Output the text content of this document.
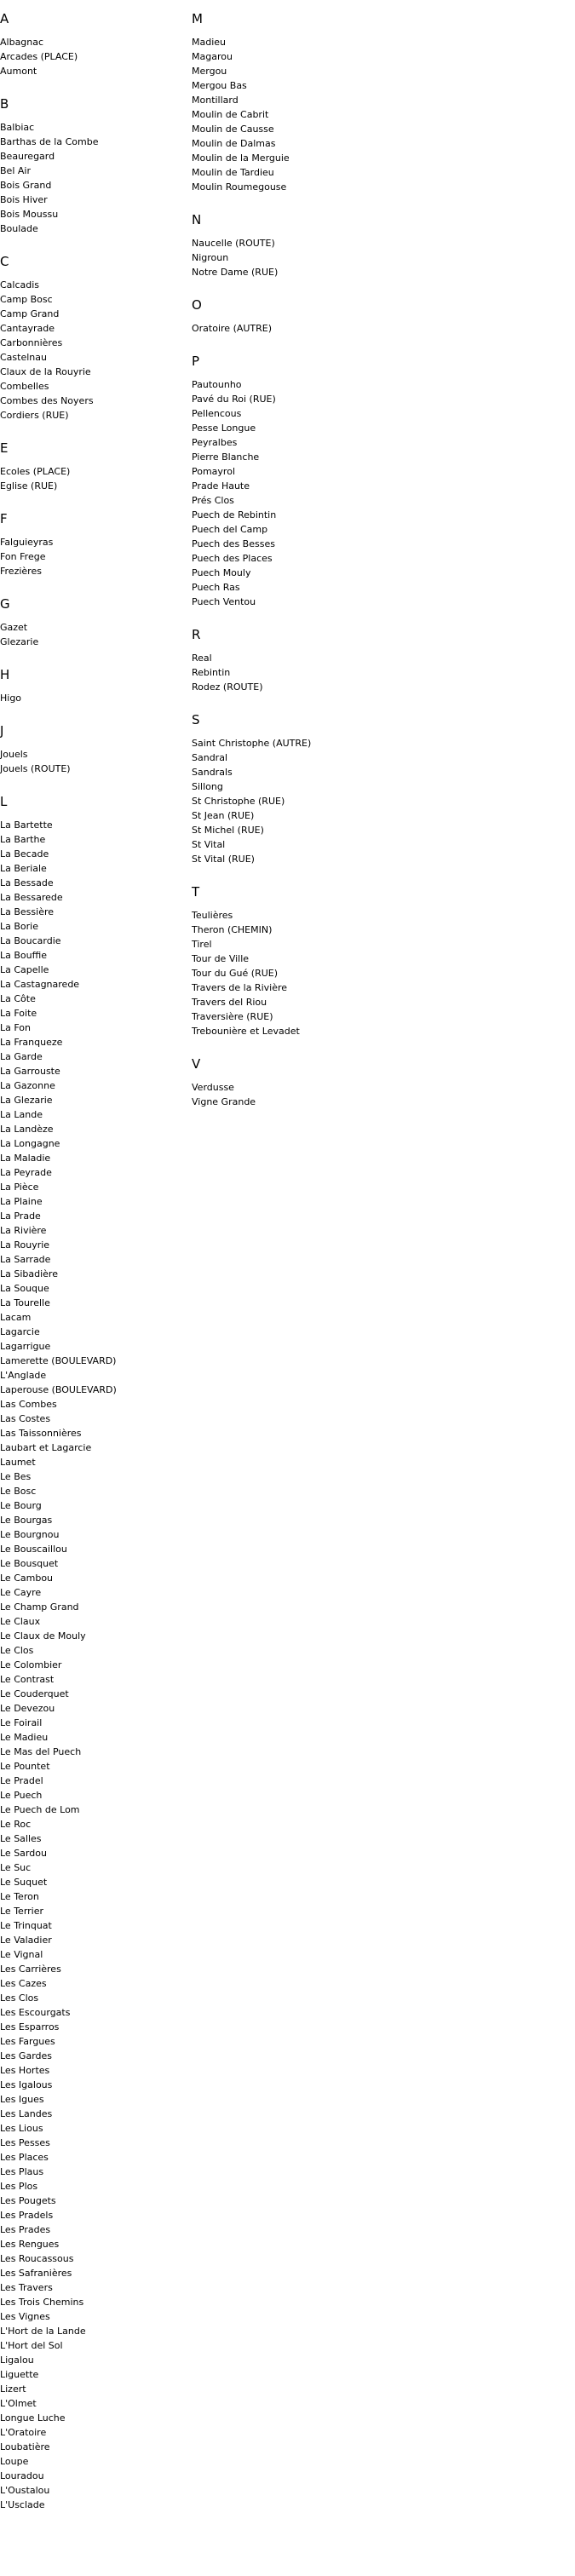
A
Albagnac
Arcades (PLACE)
Aumont
B
Balbiac
Barthas de la Combe
Beauregard
Bel Air
Bois Grand
Bois Hiver
Bois Moussu
Boulade
C
Calcadis
Camp Bosc
Camp Grand
Cantayrade
Carbonnières
Castelnau
Claux de la Rouyrie
Combelles
Combes des Noyers
Cordiers (RUE)
E
Ecoles (PLACE)
Eglise (RUE)
F
Falguieyras
Fon Frege
Frezières
G
Gazet
Glezarie
H
Higo
J
Jouels
Jouels (ROUTE)
L
La Bartette
La Barthe
La Becade
La Beriale
La Bessade
La Bessarede
La Bessière
La Borie
La Boucardie
La Bouffie
La Capelle
La Castagnarede
La Côte
La Foite
La Fon
La Franqueze
La Garde
La Garrouste
La Gazonne
La Glezarie
La Lande
La Landèze
La Longagne
La Maladie
La Peyrade
La Pièce
La Plaine
La Prade
La Rivière
La Rouyrie
La Sarrade
La Sibadière
La Souque
La Tourelle
Lacam
Lagarcie
Lagarrigue
Lamerette (BOULEVARD)
L'Anglade
Laperouse (BOULEVARD)
Las Combes
Las Costes
Las Taissonnières
Laubart et Lagarcie
Laumet
Le Bes
Le Bosc
Le Bourg
Le Bourgas
Le Bourgnou
Le Bouscaillou
Le Bousquet
Le Cambou
Le Cayre
Le Champ Grand
Le Claux
Le Claux de Mouly
Le Clos
Le Colombier
Le Contrast
Le Couderquet
Le Devezou
Le Foirail
Le Madieu
Le Mas del Puech
Le Pountet
Le Pradel
Le Puech
Le Puech de Lom
Le Roc
Le Salles
Le Sardou
Le Suc
Le Suquet
Le Teron
Le Terrier
Le Trinquat
Le Valadier
Le Vignal
Les Carrières
Les Cazes
Les Clos
Les Escourgats
Les Esparros
Les Fargues
Les Gardes
Les Hortes
Les Igalous
Les Igues
Les Landes
Les Lious
Les Pesses
Les Places
Les Plaus
Les Plos
Les Pougets
Les Pradels
Les Prades
Les Rengues
Les Roucassous
Les Safranières
Les Travers
Les Trois Chemins
Les Vignes
L'Hort de la Lande
L'Hort del Sol
Ligalou
Liguette
Lizert
L'Olmet
Longue Luche
L'Oratoire
Loubatière
Loupe
Louradou
L'Oustalou
L'Usclade
M
Madieu
Magarou
Mergou
Mergou Bas
Montillard
Moulin de Cabrit
Moulin de Causse
Moulin de Dalmas
Moulin de la Merguie
Moulin de Tardieu
Moulin Roumegouse
N
Naucelle (ROUTE)
Nigroun
Notre Dame (RUE)
O
Oratoire (AUTRE)
P
Pautounho
Pavé du Roi (RUE)
Pellencous
Pesse Longue
Peyralbes
Pierre Blanche
Pomayrol
Prade Haute
Prés Clos
Puech de Rebintin
Puech del Camp
Puech des Besses
Puech des Places
Puech Mouly
Puech Ras
Puech Ventou
R
Real
Rebintin
Rodez (ROUTE)
S
Saint Christophe (AUTRE)
Sandral
Sandrals
Sillong
St Christophe (RUE)
St Jean (RUE)
St Michel (RUE)
St Vital
St Vital (RUE)
T
Teulières
Theron (CHEMIN)
Tirel
Tour de Ville
Tour du Gué (RUE)
Travers de la Rivière
Travers del Riou
Traversière (RUE)
Trebounière et Levadet
V
Verdusse
Vigne Grande
